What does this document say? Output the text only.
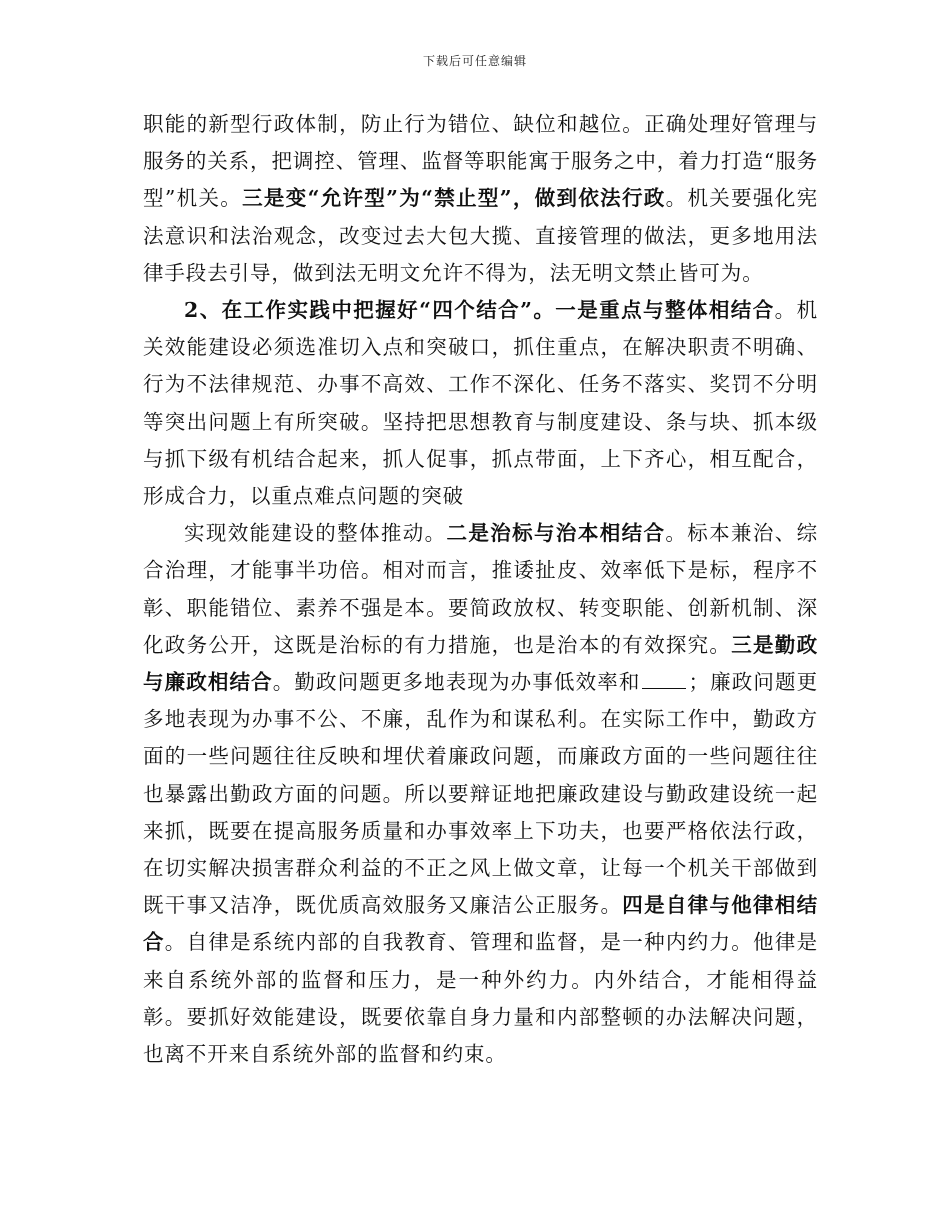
下载后可任意编辑

职能的新型行政体制，防止行为错位、缺位和越位。正确处理好管理与服务的关系，把调控、管理、监督等职能寓于服务之中，着力打造“服务型”机关。三是变“允许型”为“禁止型”，做到依法行政。机关要强化宪法意识和法治观念，改变过去大包大揽、直接管理的做法，更多地用法律手段去引导，做到法无明文允许不得为，法无明文禁止皆可为。

2、在工作实践中把握好“四个结合”。一是重点与整体相结合。机关效能建设必须选准切入点和突破口，抓住重点，在解决职责不明确、行为不法律规范、办事不高效、工作不深化、任务不落实、奖罚不分明等突出问题上有所突破。坚持把思想教育与制度建设、条与块、抓本级与抓下级有机结合起来，抓人促事，抓点带面，上下齐心，相互配合，形成合力，以重点难点问题的突破

实现效能建设的整体推动。二是治标与治本相结合。标本兼治、综合治理，才能事半功倍。相对而言，推诿扯皮、效率低下是标，程序不彰、职能错位、素养不强是本。要简政放权、转变职能、创新机制、深化政务公开，这既是治标的有力措施，也是治本的有效探究。三是勤政与廉政相结合。勤政问题更多地表现为办事低效率和 ；廉政问题更多地表现为办事不公、不廉，乱作为和谋私利。在实际工作中，勤政方面的一些问题往往反映和埋伏着廉政问题，而廉政方面的一些问题往往也暴露出勤政方面的问题。所以要辩证地把廉政建设与勤政建设统一起来抓，既要在提高服务质量和办事效率上下功夫，也要严格依法行政，在切实解决损害群众利益的不正之风上做文章，让每一个机关干部做到既干事又洁净，既优质高效服务又廉洁公正服务。四是自律与他律相结合。自律是系统内部的自我教育、管理和监督，是一种内约力。他律是来自系统外部的监督和压力，是一种外约力。内外结合，才能相得益彰。要抓好效能建设，既要依靠自身力量和内部整顿的办法解决问题，也离不开来自系统外部的监督和约束。
